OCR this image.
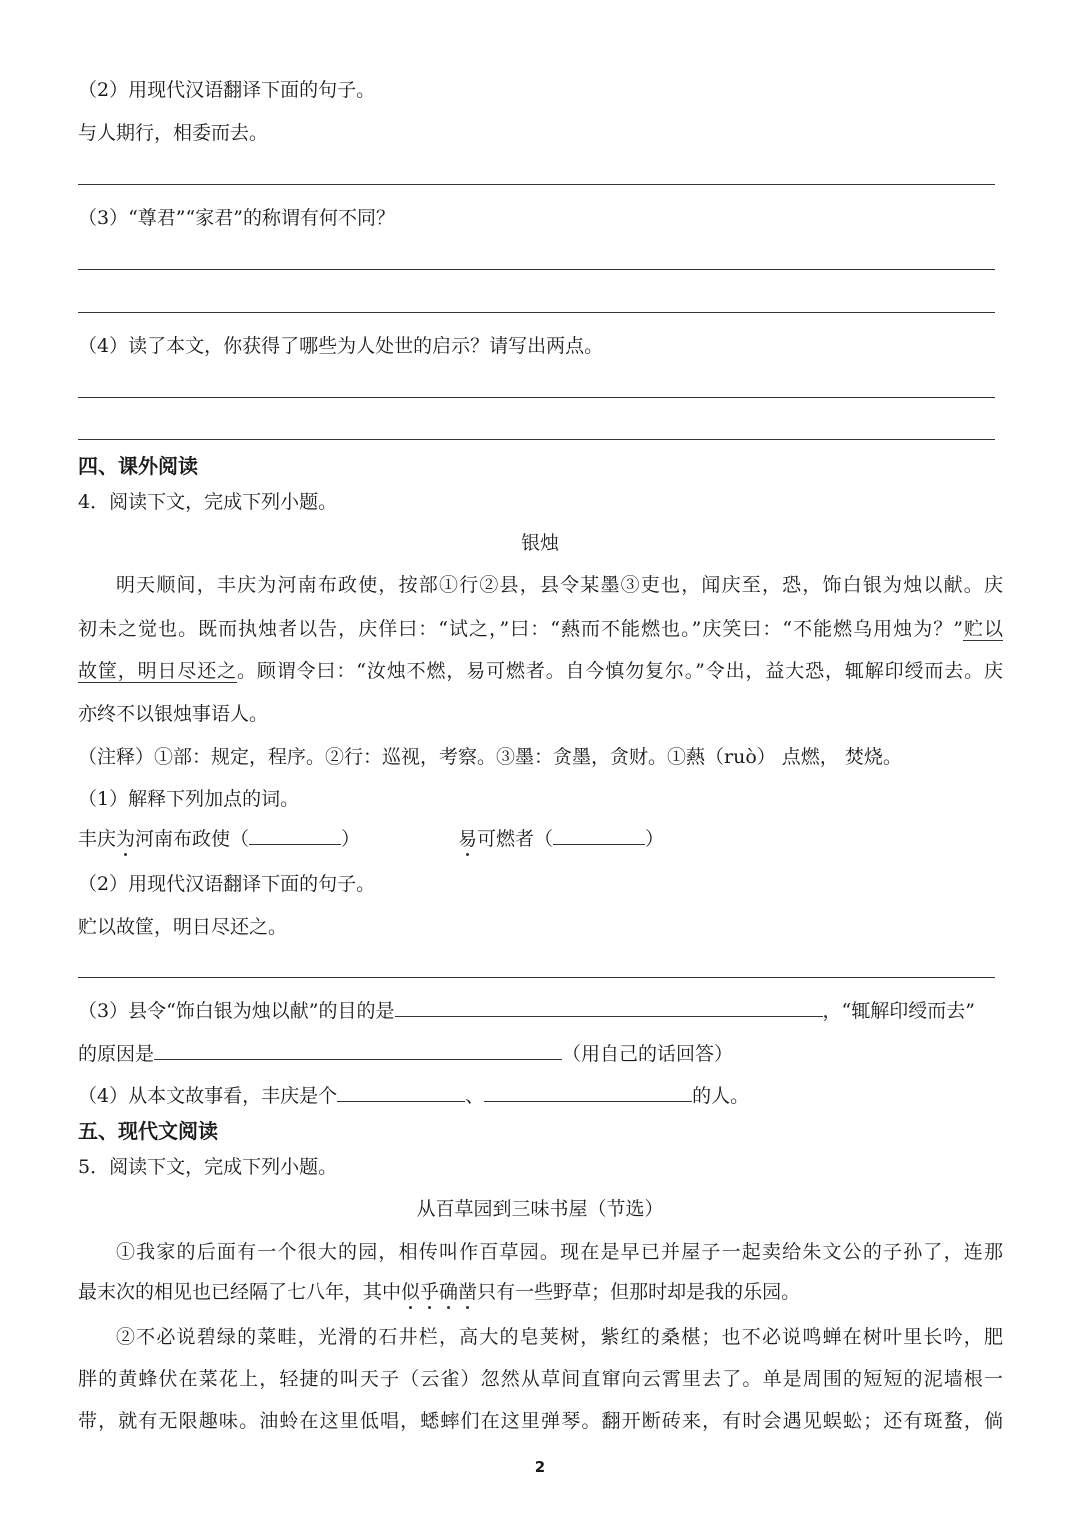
（2）用现代汉语翻译下面的句子。
与人期行，相委而去。
（3）“尊君”“家君”的称谓有何不同？
（4）读了本文，你获得了哪些为人处世的启示？请写出两点。
四、课外阅读
4．阅读下文，完成下列小题。
银烛
明天顺间，丰庆为河南布政使，按部①行②县，县令某墨③吏也，闻庆至，恐，饰白银为烛以献。庆
初未之觉也。既而执烛者以告，庆佯曰：“试之，”曰：“爇而不能燃也。”庆笑曰：“不能燃乌用烛为？”贮以
故筐，明日尽还之。顾谓令曰：“汝烛不燃，易可燃者。自今慎勿复尔。”令出，益大恐，辄解印绶而去。庆
亦终不以银烛事语人。
（注释）①部：规定，程序。②行：巡视，考察。③墨：贪墨，贪财。①爇（ruò） 点燃， 焚烧。
（1）解释下列加点的词。
丰庆为河南布政使（	）	易可燃者（	）
（2）用现代汉语翻译下面的句子。
贮以故筐，明日尽还之。
（3）县令“饰白银为烛以献”的目的是	，“辄解印绶而去”
的原因是	（用自己的话回答）
（4）从本文故事看，丰庆是个	、	的人。
五、现代文阅读
5．阅读下文，完成下列小题。
从百草园到三味书屋（节选）
①我家的后面有一个很大的园，相传叫作百草园。现在是早已并屋子一起卖给朱文公的子孙了，连那
最末次的相见也已经隔了七八年，其中似乎确凿只有一些野草；但那时却是我的乐园。
②不必说碧绿的菜畦，光滑的石井栏，高大的皂荚树，紫红的桑椹；也不必说鸣蝉在树叶里长吟，肥
胖的黄蜂伏在菜花上，轻捷的叫天子（云雀）忽然从草间直窜向云霄里去了。单是周围的短短的泥墙根一
带，就有无限趣味。油蛉在这里低唱，蟋蟀们在这里弹琴。翻开断砖来，有时会遇见蜈蚣；还有斑蝥，倘
2
